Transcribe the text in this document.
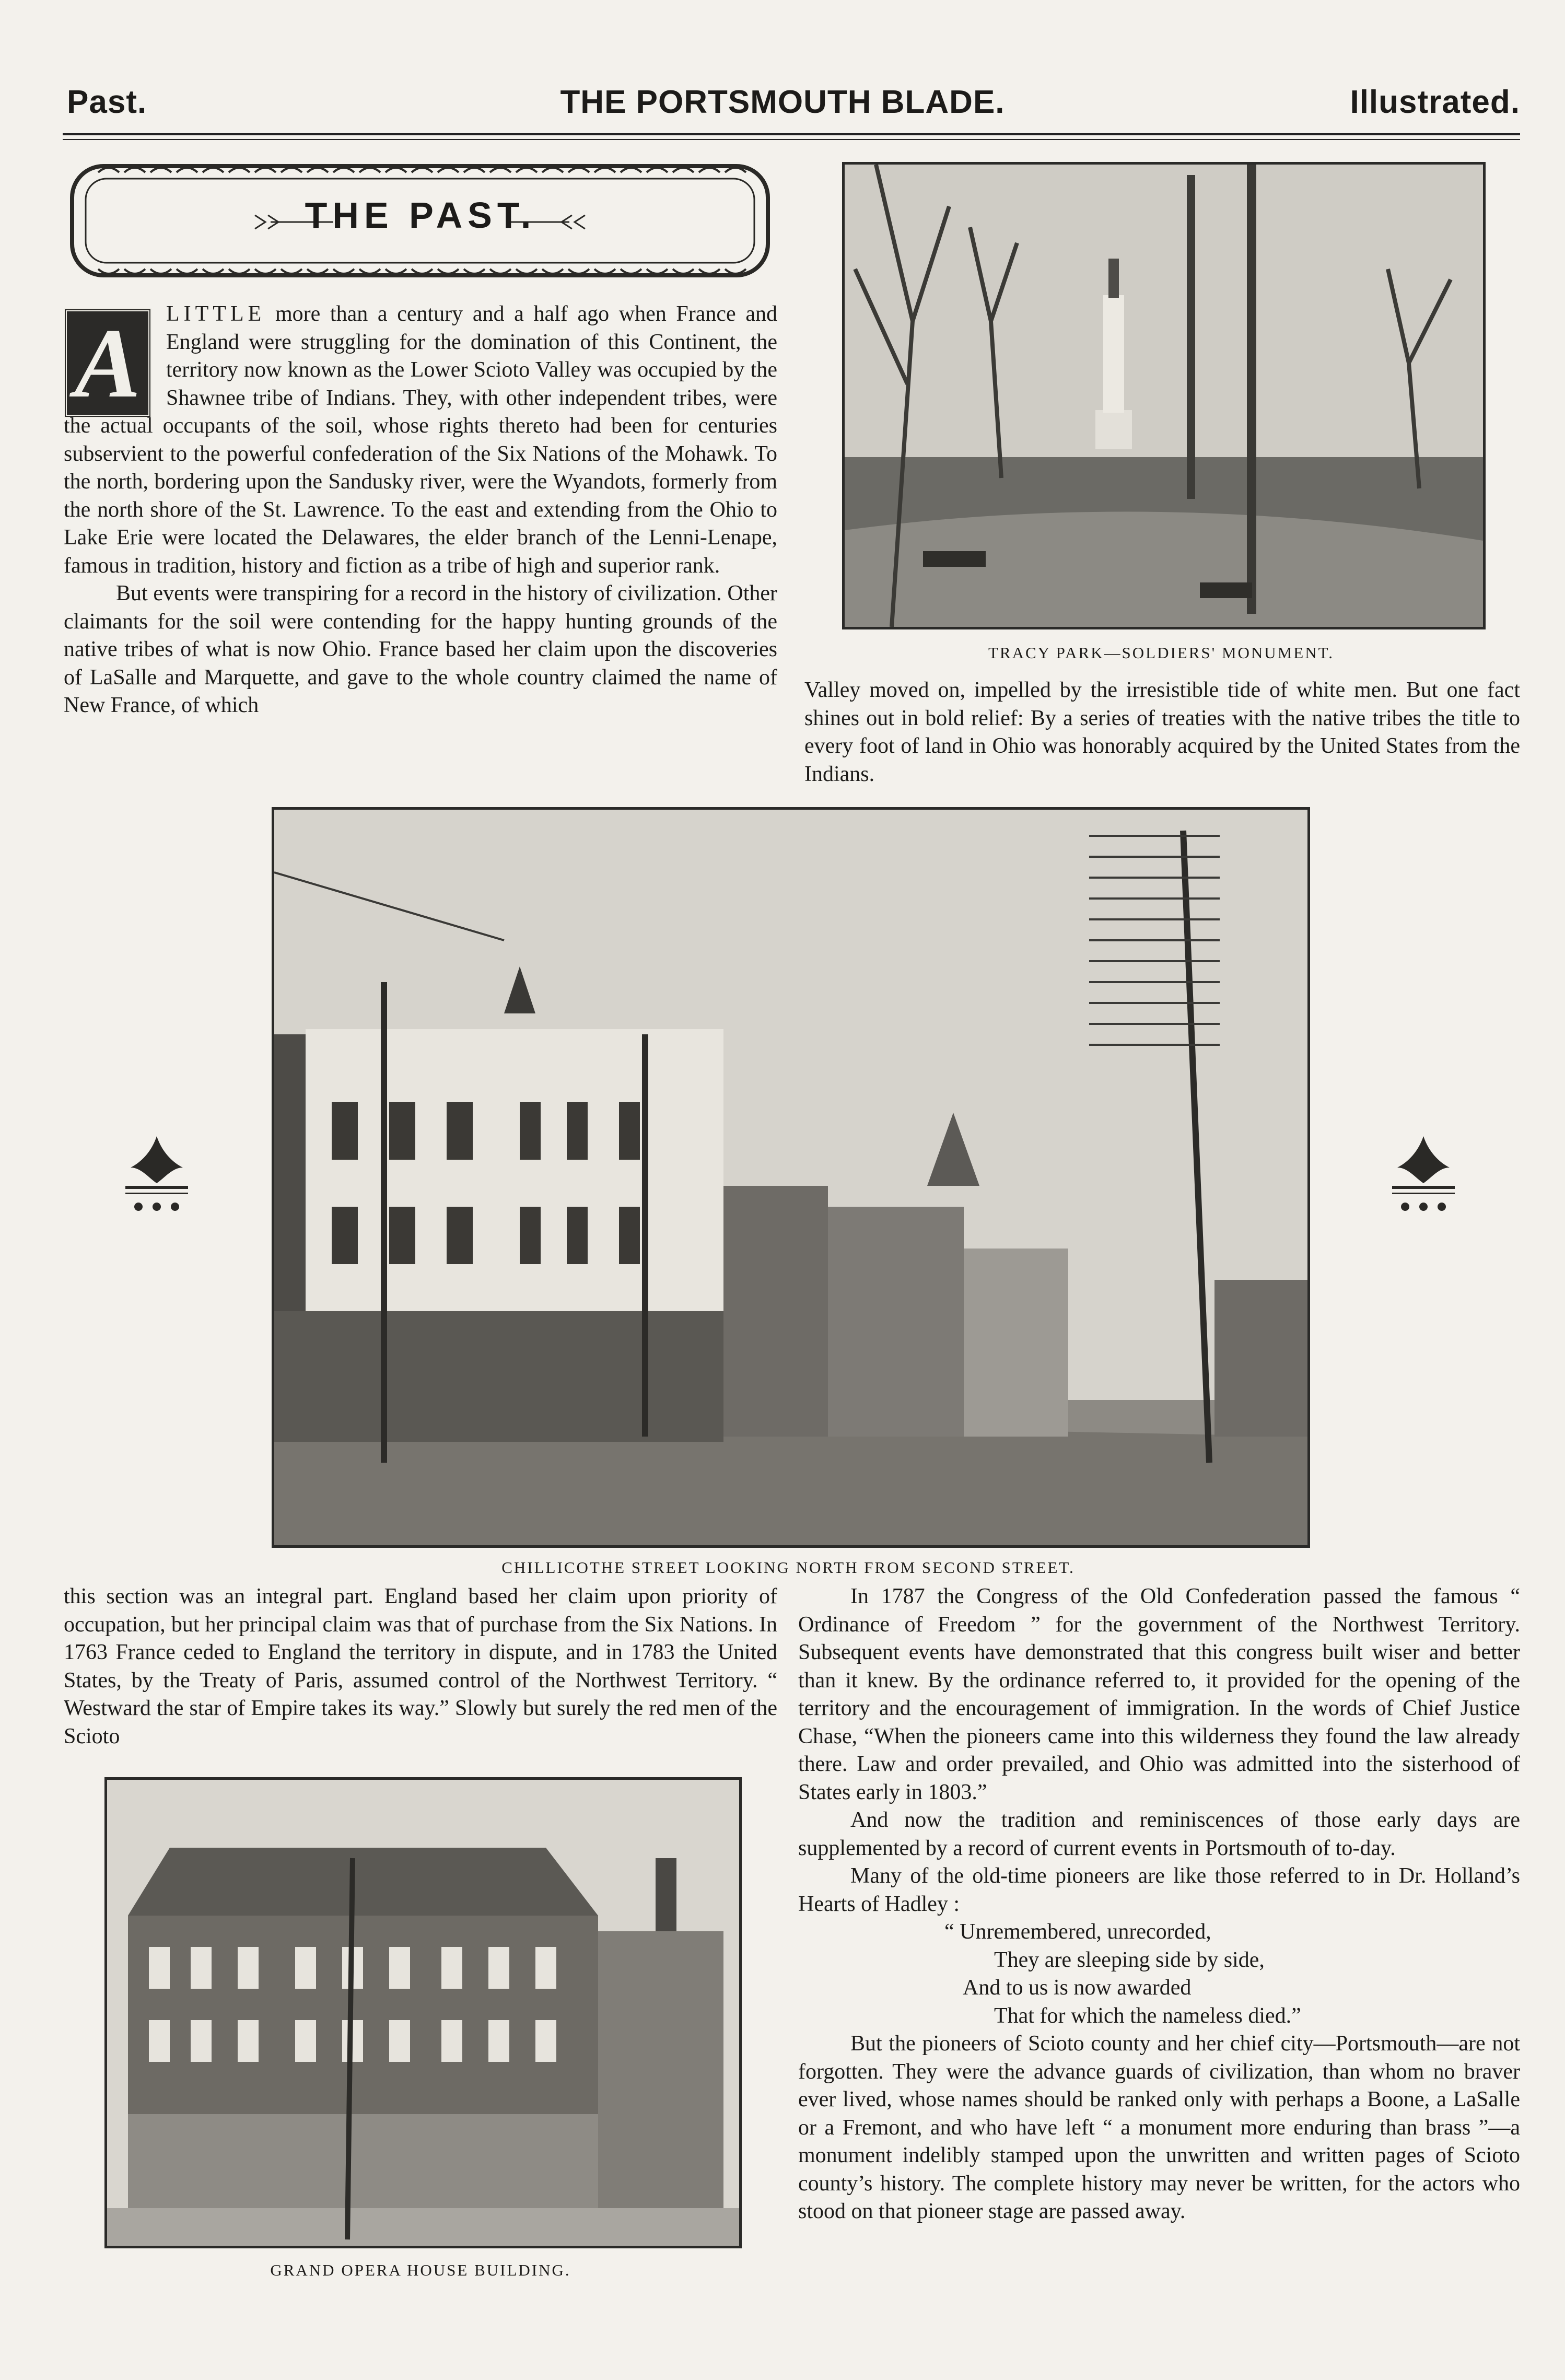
Past.	THE PORTSMOUTH BLADE.	Illustrated.
THE PAST.
A	LITTLE more than a century and a half ago when France and England were struggling for the domination of this Continent, the territory now known as the Lower Scioto Valley was occupied by the Shawnee tribe of Indians. They, with other independent tribes, were the actual occupants of the soil, whose rights thereto had been for centuries subservient to the powerful confederation of the Six Nations of the Mohawk. To the north, bordering upon the Sandusky river, were the Wyandots, formerly from the north shore of the St. Lawrence. To the east and extending from the Ohio to Lake Erie were located the Delawares, the elder branch of the Lenni-Lenape, famous in tradition, history and fiction as a tribe of high and superior rank.

But events were transpiring for a record in the history of civilization. Other claimants for the soil were contending for the happy hunting grounds of the native tribes of what is now Ohio. France based her claim upon the discoveries of LaSalle and Marquette, and gave to the whole country claimed the name of New France, of which

TRACY PARK—SOLDIERS' MONUMENT.
Valley moved on, impelled by the irresistible tide of white men. But one fact shines out in bold relief: By a series of treaties with the native tribes the title to every foot of land in Ohio was honorably acquired by the United States from the Indians.
CHILLICOTHE STREET LOOKING NORTH FROM SECOND STREET.
this section was an integral part. England based her claim upon priority of occupation, but her principal claim was that of purchase from the Six Nations. In 1763 France ceded to England the territory in dispute, and in 1783 the United States, by the Treaty of Paris, assumed control of the Northwest Territory. “ Westward the star of Empire takes its way.” Slowly but surely the red men of the Scioto
GRAND OPERA HOUSE BUILDING.

In 1787 the Congress of the Old Confederation passed the famous “ Ordinance of Freedom ” for the government of the Northwest Territory. Subsequent events have demonstrated that this congress built wiser and better than it knew. By the ordinance referred to, it provided for the opening of the territory and the encouragement of immigration. In the words of Chief Justice Chase, “When the pioneers came into this wilderness they found the law already there. Law and order prevailed, and Ohio was admitted into the sisterhood of States early in 1803.”

And now the tradition and reminiscences of those early days are supplemented by a record of current events in Portsmouth of to-day.

Many of the old-time pioneers are like those referred to in Dr. Holland’s Hearts of Hadley :

“ Unremembered, unrecorded,
They are sleeping side by side,
And to us is now awarded
That for which the nameless died.”

But the pioneers of Scioto county and her chief city—Portsmouth—are not forgotten. They were the advance guards of civilization, than whom no braver ever lived, whose names should be ranked only with perhaps a Boone, a LaSalle or a Fremont, and who have left “ a monument more enduring than brass ”—a monument indelibly stamped upon the unwritten and written pages of Scioto county’s history. The complete history may never be written, for the actors who stood on that pioneer stage are passed away.
